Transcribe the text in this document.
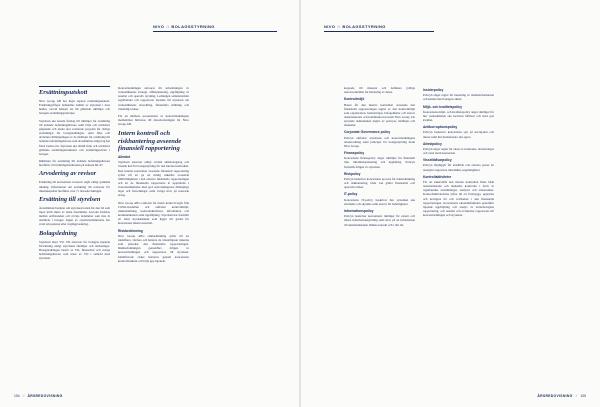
NIVO // BOLAGSSTYRNING
Ersättningsutskott

Nivo Group AB har inget separat ersättningsutskott. Ersättningsfrågor behandlas istället av styrelsen i dess helhet, varvid hänsyn tas till gällande riktlinjer och bolagets ersättningsprinciper.

Styrelsen ska bereda förslag till riktlinjer för ersättning till ledande befattningshavare samt följa och utvärdera pågående och under året avslutade program för rörliga ersättningar för bolagsledningen, samt följa och utvärdera tillämpningen av de riktlinjer för ersättning till ledande befattningshavare som årsstämman enligt lag har fattat beslut om. Styrelsen ska därtill följa och utvärdera gällande ersättningsstrukturer och ersättningsnivåer i bolaget.

Riktlinjer för ersättning till ledande befattningshavare återfinns i förvaltningsberättelsen på sidorna 66–67.

Arvodering av revisor

Ersättning till koncernens revisorer utgår enligt godkänd räkning. Information om ersättning till revisorer för räkenskapsåret återfinns i not 7 i årsredovisningen.

Ersättning till styrelsen

Årsstämman beslutar om styrelsearvoden för den tid som löper intill slutet av nästa årsstämma. Arvodet fördelas mellan ordföranden och övriga ledamöter som inte är anställda i bolaget. Ingen av styrelseledamöterna har avtal om pension eller avgångsvederlag.

Bolagsledning

Styrelsen utser VD. VD ansvarar för bolagets löpande förvaltning enligt styrelsens riktlinjer och anvisningar. Bolagsledningen består av VD, finanschef och övriga befattningshavare som utses av VD i samråd med styrelsen.

Koncernledningen ansvarar för utformningen av verksamhetens strategi, affärsplanering, uppföljning av resultat och operativ styrning. Ledningen sammanträder regelbundet och rapporterar löpande till styrelsen om verksamhetens utveckling, finansiella ställning och väsentliga risker.

För en närmare presentation av koncernledningens medlemmar hänvisas till årsredovisningen för Nivo Group AB.

Intern kontroll och riskhantering avseende finansiell rapportering
Allmänt

Styrelsen ansvarar enligt svensk aktiebolagslag och Svensk kod för bolagsstyrning för den interna kontrollen. Den interna kontrollen avseende finansiell rapportering syftar till att ge en rimlig säkerhet avseende tillförlitligheten i den externa finansiella rapporteringen och att de finansiella rapporterna är upprättade i överensstämmelse med god redovisningssed, tillämpliga lagar och förordningar samt övriga krav på noterade bolag.

Nivo Group AB:s ramverk för intern kontroll utgår från COSO-modellen och omfattar kontrollmiljö, riskbedömning, kontrollaktiviteter, information och kommunikation samt uppföljning. Styrelsen har fastställt ett antal styrdokument som ligger till grund för koncernens interna kontroll.

Riskbedömning

Nivo Group AB:s riskbedömning syftar till att identifiera, värdera och hantera de väsentligaste riskerna som påverkar den finansiella rapporteringen. Riskbedömningen genomförs årligen av koncernledningen och rapporteras till styrelsen. Identifierade risker hanteras genom koncernens kontrollstruktur och följs upp löpande.

104 // ÅRSREDOVISNING
NIVO // BOLAGSSTYRNING

koppade till riskerna och definiera tydliga ansvarsområden för hantering av dessa.

Kontrollmiljö

Basen för den interna kontrollen avseende den finansiella rapporteringen utgörs av den kontrollmiljö som organisation, beslutsvägar, befogenheter och ansvar dokumenterats och kommuniceras inom Nivo Group. De styrande dokumenten utgörs av policyer, riktlinjer och manualer.

Corporate Governance policy

Policyn omfattar styrelsens och koncernledningens arbetsordning samt principer för bolagsstyrning inom Nivo Group.

Finanspolicy

Koncernens finanspolicy anger riktlinjer för finansiell risk, likviditetsplanering och upplåning. Policyn fastställs årligen av styrelsen.

Riskpolicy

Policyn beskriver koncernens process för riskbedömning och riskhantering, både vad gäller finansiella och operativa risker.

IT-policy

Koncernens IT-policy beskriver hur systemen ska användas och skyddas samt ansvar för behörigheter.

Informationspolicy

Policyn beskriver koncernens riktlinjer för extern och intern informationsgivning samt krav på att information till aktiemarknaden lämnas korrekt och i rätt tid.

Insiderpolicy

Policyn anger regler för hantering av insiderinformation och handel med bolagets aktier.

Miljö- och kvalitetspolicy

Koncernens miljö- och kvalitetspolicy anger riktlinjer för hur verksamheten ska bedrivas hållbart och med god kvalitet.

Antikorruptionspolicy

Policyn beskriver koncernens syn på korruption och mutor samt hur medarbetare ska agera.

Attestpolicy

Policyn anger regler för attest av kostnader, investeringar och avtal inom koncernen.

Visselblåsarpolicy

Policyn möjliggör för anställda och externa parter att anonymt rapportera misstänkta oegentligheter.

Kontrollaktiviteter

För att säkerställa den interna kontrollen finns både automatiserade och manuella kontroller i form av regelbundna avstämningar, analyser och attestrutiner. Kontrollaktiviteterna syftar till att förebygga, upptäcka och korrigera fel och avvikelser i den finansiella rapporteringen. Koncernens ekonomifunktion genomför löpande uppföljning och analys av dotterbolagens rapportering, och resultat och avvikelser rapporteras till koncernledningen och styrelsen.

ÅRSREDOVISNING // 105
